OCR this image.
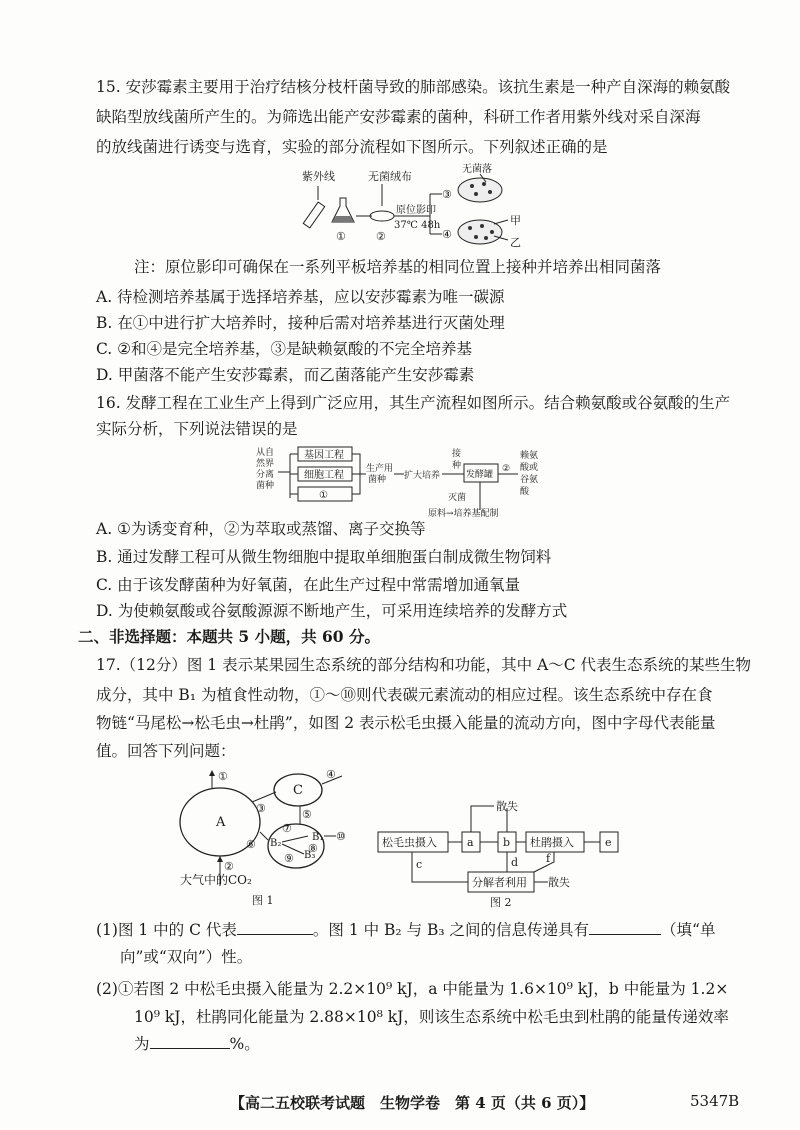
15. 安莎霉素主要用于治疗结核分枝杆菌导致的肺部感染。该抗生素是一种产自深海的赖氨酸
缺陷型放线菌所产生的。为筛选出能产安莎霉素的菌种，科研工作者用紫外线对采自深海
的放线菌进行诱变与选育，实验的部分流程如下图所示。下列叙述正确的是
紫外线	无菌绒布
无菌落
原位影印
37℃ 48h
①	②
③
④
甲
乙
注：原位影印可确保在一系列平板培养基的相同位置上接种并培养出相同菌落
A. 待检测培养基属于选择培养基，应以安莎霉素为唯一碳源
B. 在①中进行扩大培养时，接种后需对培养基进行灭菌处理
C. ②和④是完全培养基，③是缺赖氨酸的不完全培养基
D. 甲菌落不能产生安莎霉素，而乙菌落能产生安莎霉素
16. 发酵工程在工业生产上得到广泛应用，其生产流程如图所示。结合赖氨酸或谷氨酸的生产
实际分析，下列说法错误的是
从自
然界
分离
菌种
基因工程
细胞工程
①
生产用
菌种 扩大培养
接
种
发酵罐
②
灭菌
原料→培养基配制
赖氨
酸或
谷氨
酸
A. ①为诱变育种，②为萃取或蒸馏、离子交换等
B. 通过发酵工程可从微生物细胞中提取单细胞蛋白制成微生物饲料
C. 由于该发酵菌种为好氧菌，在此生产过程中常需增加通氧量
D. 为使赖氨酸或谷氨酸源源不断地产生，可采用连续培养的发酵方式
二、非选择题：本题共 5 小题，共 60 分。
17.（12分）图 1 表示某果园生态系统的部分结构和功能，其中 A～C 代表生态系统的某些生物
成分，其中 B₁ 为植食性动物，①～⑩则代表碳元素流动的相应过程。该生态系统中存在食
物链“马尾松→松毛虫→杜鹃”，如图 2 表示松毛虫摄入能量的流动方向，图中字母代表能量
值。回答下列问题：
A
C
B₁
B₂
B₃
①
②
③
④
⑤
⑥
⑦
⑧
⑨
⑩
大气中的CO₂
图 1
松毛虫摄入	a	b 杜鹃摄入	e
散失
c	d	f
分解者利用 散失
图 2
(1)图 1 中的 C 代表	。图 1 中 B₂ 与 B₃ 之间的信息传递具有	（填“单
向”或“双向”）性。
(2)①若图 2 中松毛虫摄入能量为 2.2×10⁹ kJ，a 中能量为 1.6×10⁹ kJ，b 中能量为 1.2×
10⁹ kJ，杜鹃同化能量为 2.88×10⁸ kJ，则该生态系统中松毛虫到杜鹃的能量传递效率
为	%。
【高二五校联考试题　生物学卷　第 4 页（共 6 页）】	5347B
